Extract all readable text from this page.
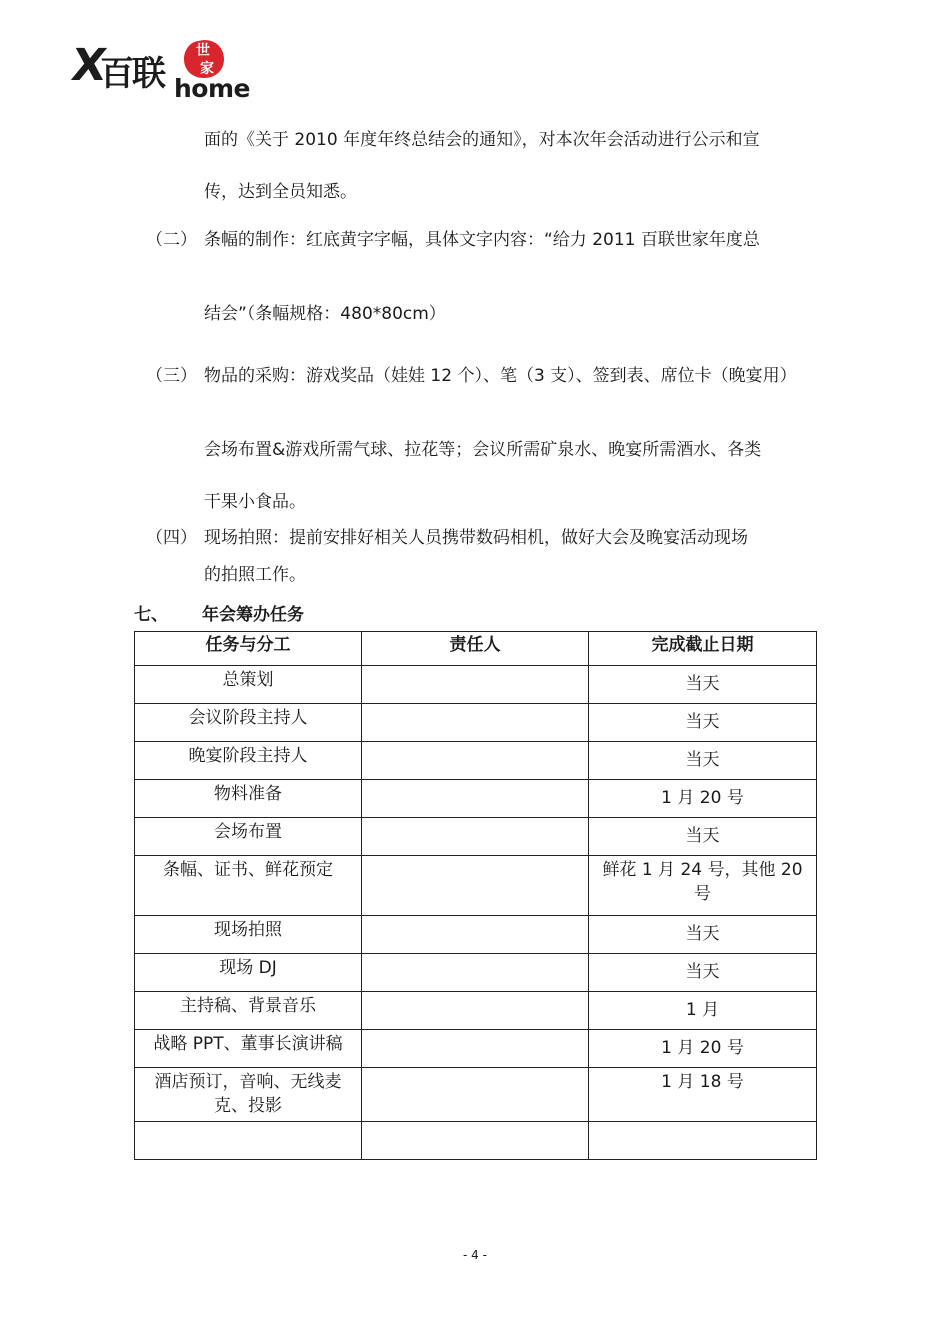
X
百联
世
家
home

面的《关于 2010 年度年终总结会的通知》，对本次年会活动进行公示和宣

传，达到全员知悉。

（二） 条幅的制作：红底黄字字幅，具体文字内容：“给力 2011 百联世家年度总

结会”（条幅规格：480*80cm）

（三） 物品的采购：游戏奖品（娃娃 12 个）、笔（3 支）、签到表、席位卡（晚宴用）

会场布置&游戏所需气球、拉花等；会议所需矿泉水、晚宴所需酒水、各类

干果小食品。

（四） 现场拍照：提前安排好相关人员携带数码相机，做好大会及晚宴活动现场

的拍照工作。

七、 年会筹办任务
任务与分工	责任人	完成截止日期
总策划		当天
会议阶段主持人		当天
晚宴阶段主持人		当天
物料准备		1 月 20 号
会场布置		当天
条幅、证书、鲜花预定		鲜花 1 月 24 号，其他 20 号
现场拍照		当天
现场 DJ		当天
主持稿、背景音乐		1 月
战略 PPT、董事长演讲稿		1 月 20 号
酒店预订，音响、无线麦克、投影		1 月 18 号

- 4 -
